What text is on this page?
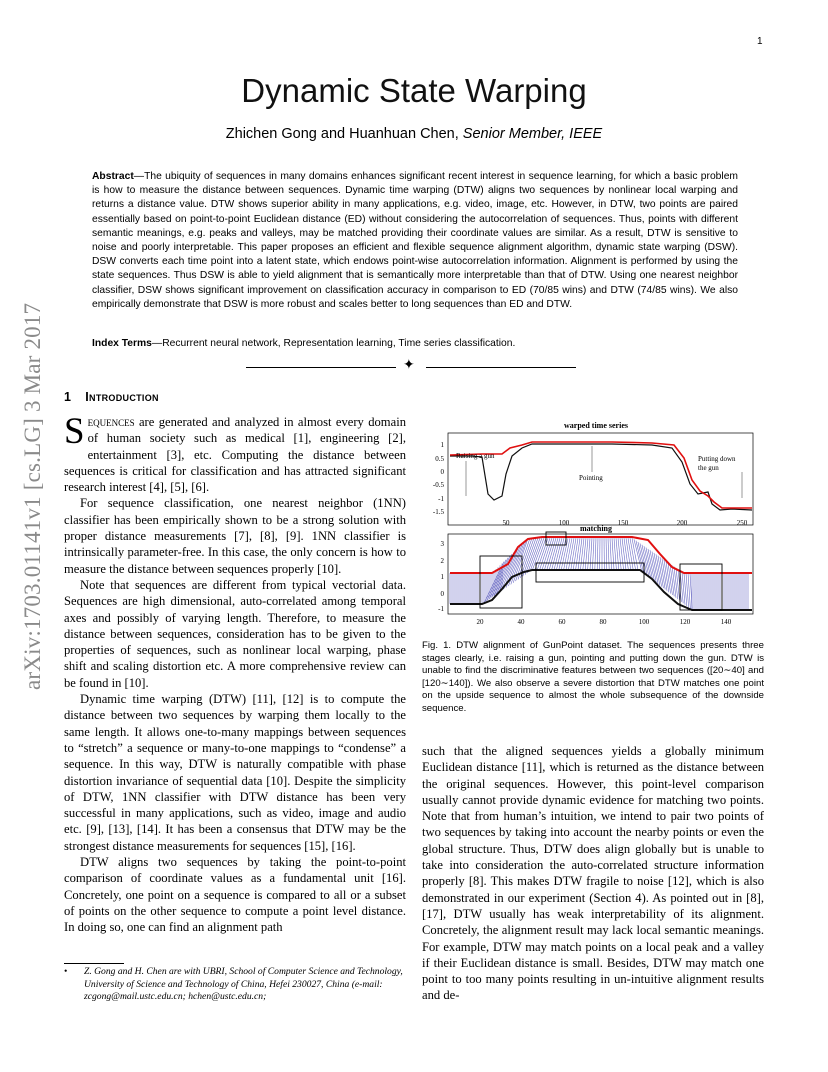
1
Dynamic State Warping
Zhichen Gong and Huanhuan Chen, Senior Member, IEEE
Abstract—The ubiquity of sequences in many domains enhances significant recent interest in sequence learning, for which a basic problem is how to measure the distance between sequences. Dynamic time warping (DTW) aligns two sequences by nonlinear local warping and returns a distance value. DTW shows superior ability in many applications, e.g. video, image, etc. However, in DTW, two points are paired essentially based on point-to-point Euclidean distance (ED) without considering the autocorrelation of sequences. Thus, points with different semantic meanings, e.g. peaks and valleys, may be matched providing their coordinate values are similar. As a result, DTW is sensitive to noise and poorly interpretable. This paper proposes an efficient and flexible sequence alignment algorithm, dynamic state warping (DSW). DSW converts each time point into a latent state, which endows point-wise autocorrelation information. Alignment is performed by using the state sequences. Thus DSW is able to yield alignment that is semantically more interpretable than that of DTW. Using one nearest neighbor classifier, DSW shows significant improvement on classification accuracy in comparison to ED (70/85 wins) and DTW (74/85 wins). We also empirically demonstrate that DSW is more robust and scales better to long sequences than ED and DTW.
Index Terms—Recurrent neural network, Representation learning, Time series classification.
✦
arXiv:1703.01141v1 [cs.LG] 3 Mar 2017 1 Introduction

Sequences are generated and analyzed in almost every domain of human society such as medical [1], engineering [2], entertainment [3], etc. Computing the distance between sequences is critical for classification and has attracted significant research interest [4], [5], [6].

For sequence classification, one nearest neighbor (1NN) classifier has been empirically shown to be a strong solution with proper distance measurements [7], [8], [9]. 1NN classifier is intrinsically parameter-free. In this case, the only concern is how to measure the distance between sequences properly [10].

Note that sequences are different from typical vectorial data. Sequences are high dimensional, auto-correlated among temporal axes and possibly of varying length. Therefore, to measure the distance between sequences, consideration has to be given to the properties of sequences, such as nonlinear local warping, phase shift and scaling distortion etc. A more comprehensive review can be found in [10].

Dynamic time warping (DTW) [11], [12] is to compute the distance between two sequences by warping them locally to the same length. It allows one-to-many mappings between sequences to “stretch” a sequence or many-to-one mappings to “condense” a sequence. In this way, DTW is naturally compatible with phase distortion invariance of sequential data [10]. Despite the simplicity of DTW, 1NN classifier with DTW distance has been very successful in many applications, such as video, image and audio etc. [9], [13], [14]. It has been a consensus that DTW may be the strongest distance measurements for sequences [15], [16].

DTW aligns two sequences by taking the point-to-point comparison of coordinate values as a fundamental unit [16]. Concretely, one point on a sequence is compared to all or a subset of points on the other sequence to compute a point level distance. In doing so, one can find an alignment path

• Z. Gong and H. Chen are with UBRI, School of Computer Science and Technology, University of Science and Technology of China, Hefei 230027, China (e-mail: zcgong@mail.ustc.edu.cn; hchen@ustc.edu.cn;
warped time series
1
0.5
0
-0.5
-1
-1.5
50	100	150	200	250
Raising a gun
Pointing
Putting down
the gun
matching
3
2
1
0
-1
20	40	60	80	100	120	140
Fig. 1. DTW alignment of GunPoint dataset. The sequences presents three stages clearly, i.e. raising a gun, pointing and putting down the gun. DTW is unable to find the discriminative features between two sequences ([20∼40] and [120∼140]). We also observe a severe distortion that DTW matches one point on the upside sequence to almost the whole subsequence of the downside sequence.

such that the aligned sequences yields a globally minimum Euclidean distance [11], which is returned as the distance between the original sequences. However, this point-level comparison usually cannot provide dynamic evidence for matching two points. Note that from human’s intuition, we intend to pair two points of two sequences by taking into account the nearby points or even the global structure. Thus, DTW does align globally but is unable to take into consideration the auto-correlated structure information properly [8]. This makes DTW fragile to noise [12], which is also demonstrated in our experiment (Section 4). As pointed out in [8], [17], DTW usually has weak interpretability of its alignment. Concretely, the alignment result may lack local semantic meanings. For example, DTW may match points on a local peak and a valley if their Euclidean distance is small. Besides, DTW may match one point to too many points resulting in un-intuitive alignment results and de-
